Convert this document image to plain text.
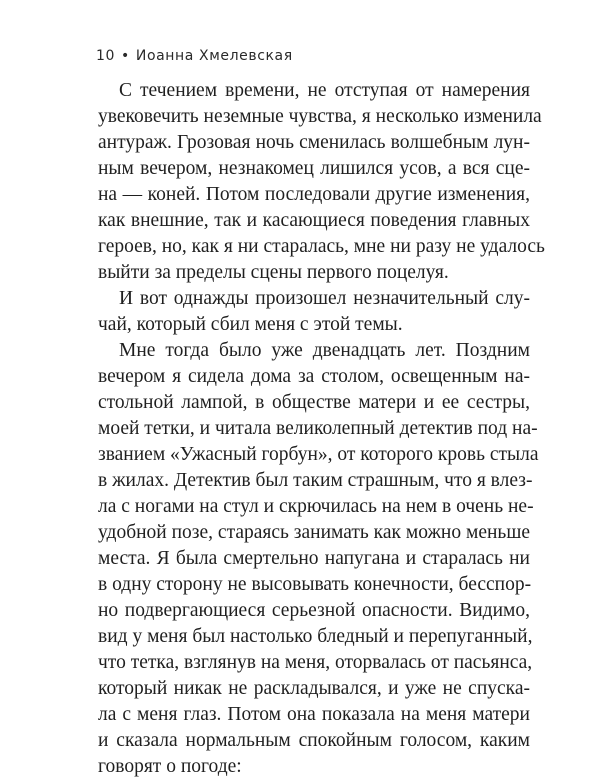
10 • Иоанна Хмелевская
С течением времени, не отступая от намерения
увековечить неземные чувства, я несколько изменила
антураж. Грозовая ночь сменилась волшебным лун-
ным вечером, незнакомец лишился усов, а вся сце-
на — коней. Потом последовали другие изменения,
как внешние, так и касающиеся поведения главных
героев, но, как я ни старалась, мне ни разу не удалось
выйти за пределы сцены первого поцелуя.
И вот однажды произошел незначительный слу-
чай, который сбил меня с этой темы.
Мне тогда было уже двенадцать лет. Поздним
вечером я сидела дома за столом, освещенным на-
стольной лампой, в обществе матери и ее сестры,
моей тетки, и читала великолепный детектив под на-
званием «Ужасный горбун», от которого кровь стыла
в жилах. Детектив был таким страшным, что я влез-
ла с ногами на стул и скрючилась на нем в очень не-
удобной позе, стараясь занимать как можно меньше
места. Я была смертельно напугана и старалась ни
в одну сторону не высовывать конечности, бесспор-
но подвергающиеся серьезной опасности. Видимо,
вид у меня был настолько бледный и перепуганный,
что тетка, взглянув на меня, оторвалась от пасьянса,
который никак не раскладывался, и уже не спуска-
ла с меня глаз. Потом она показала на меня матери
и сказала нормальным спокойным голосом, каким
говорят о погоде:
